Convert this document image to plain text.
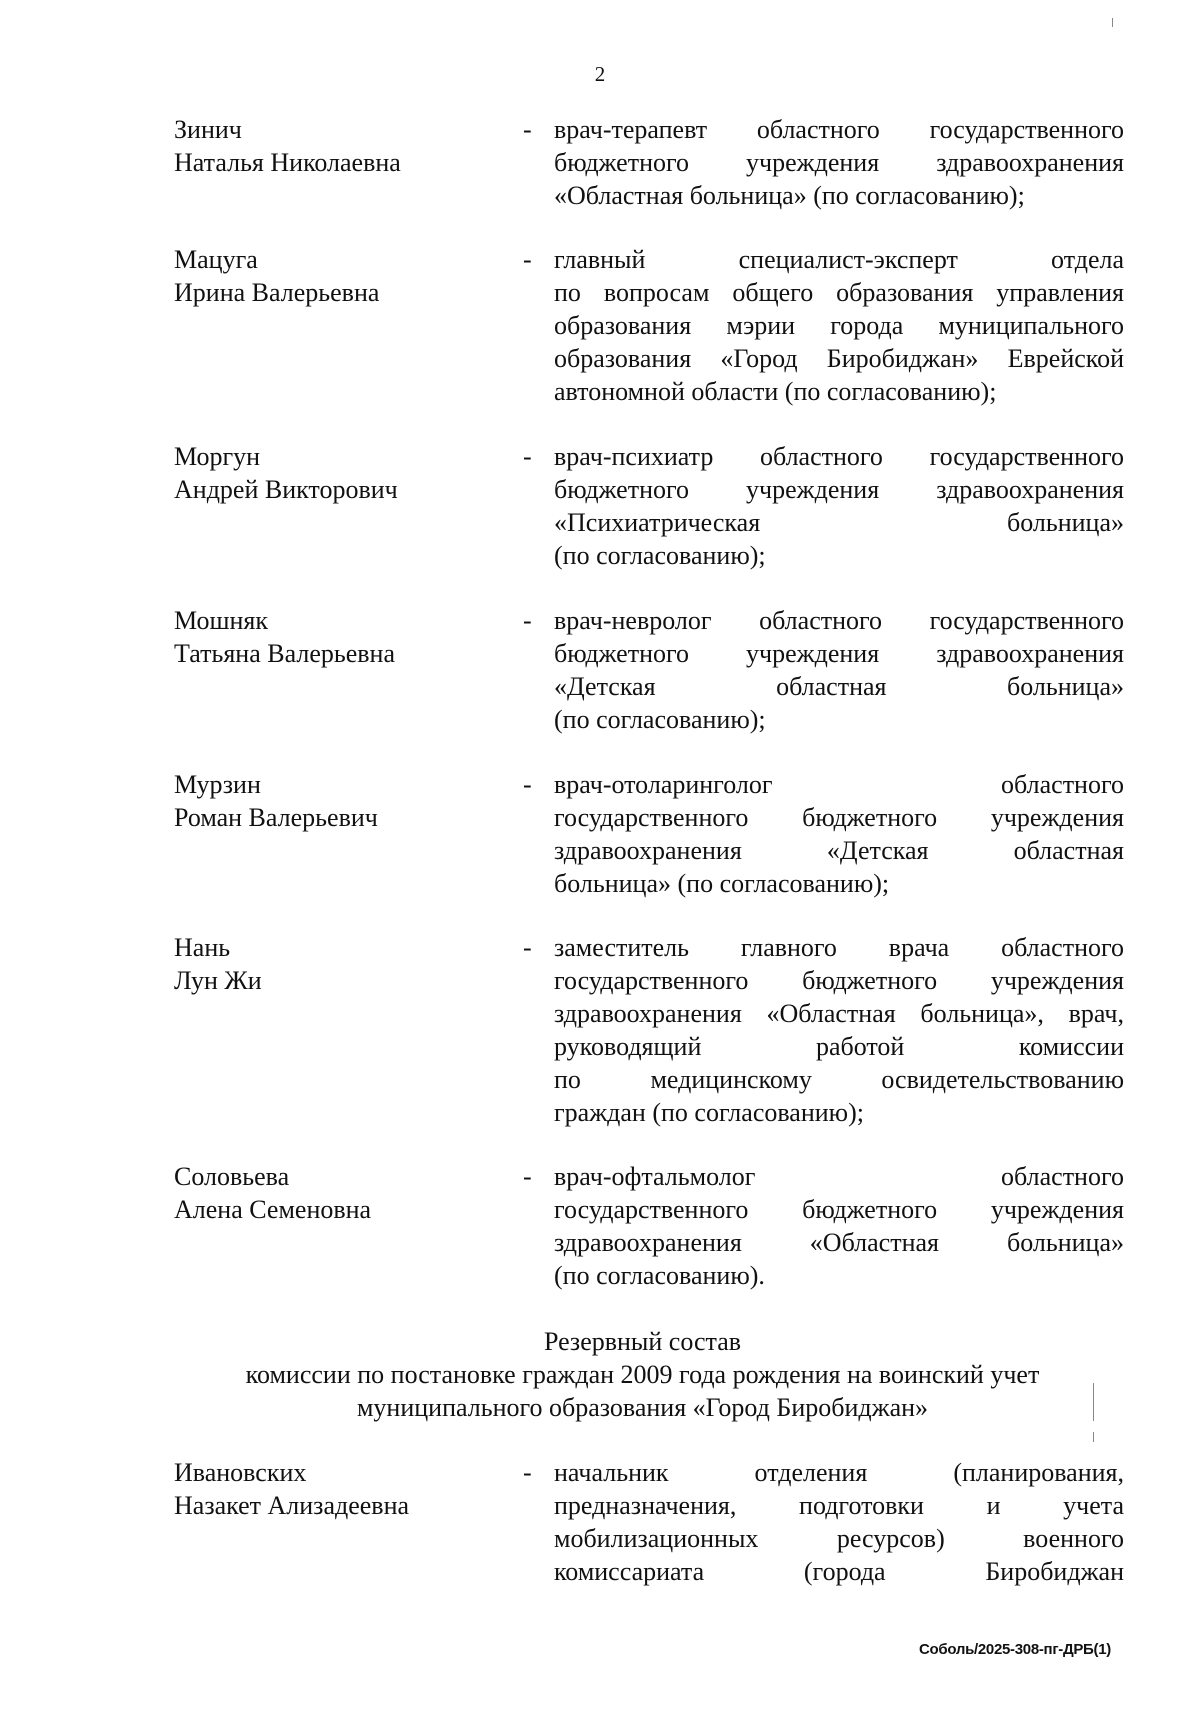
2
Зинич
Наталья Николаевна
- врач-терапевт областного государственного
бюджетного учреждения здравоохранения
«Областная больница» (по согласованию);
Мацуга
Ирина Валерьевна
- главный специалист-эксперт отдела
по вопросам общего образования управления
образования мэрии города муниципального
образования «Город Биробиджан» Еврейской
автономной области (по согласованию);
Моргун
Андрей Викторович
- врач-психиатр областного государственного
бюджетного учреждения здравоохранения
«Психиатрическая больница»
(по согласованию);
Мошняк
Татьяна Валерьевна
- врач-невролог областного государственного
бюджетного учреждения здравоохранения
«Детская областная больница»
(по согласованию);
Мурзин
Роман Валерьевич
- врач-отоларинголог областного
государственного бюджетного учреждения
здравоохранения «Детская областная
больница» (по согласованию);
Нань
Лун Жи
- заместитель главного врача областного
государственного бюджетного учреждения
здравоохранения «Областная больница», врач,
руководящий работой комиссии
по медицинскому освидетельствованию
граждан (по согласованию);
Соловьева
Алена Семеновна
- врач-офтальмолог областного
государственного бюджетного учреждения
здравоохранения «Областная больница»
(по согласованию).
Резервный состав
комиссии по постановке граждан 2009 года рождения на воинский учет
муниципального образования «Город Биробиджан»
Ивановских
Назакет Ализадеевна
- начальник отделения (планирования,
предназначения, подготовки и учета
мобилизационных ресурсов) военного
комиссариата (города Биробиджан
Соболь/2025-308-пг-ДРБ(1)
